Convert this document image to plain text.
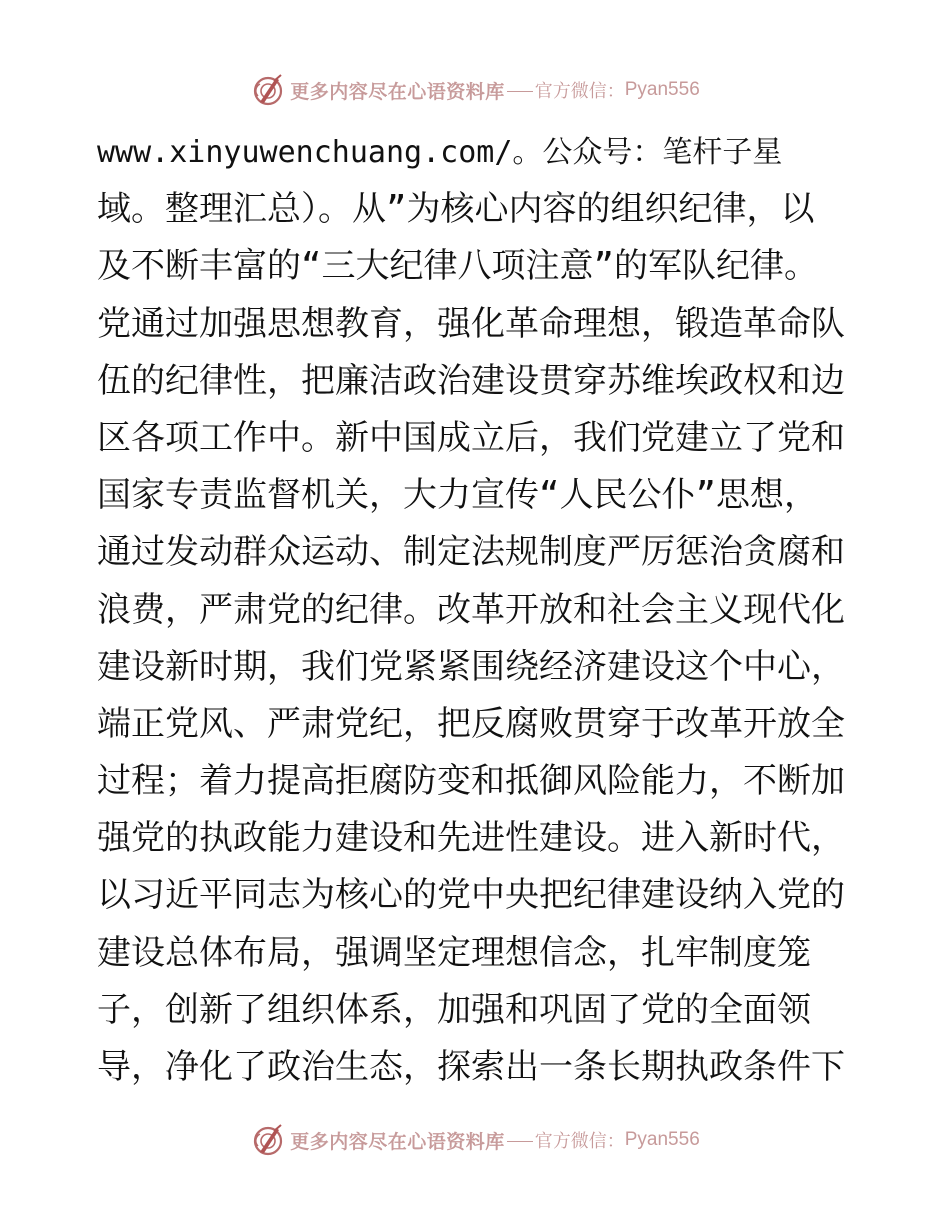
更多内容尽在心语资料库 官方微信： Pyan556
www.xinyuwenchuang.com/。公众号：笔杆子星
域。整理汇总）。从”为核心内容的组织纪律，以
及不断丰富的“三大纪律八项注意”的军队纪律。
党通过加强思想教育，强化革命理想，锻造革命队
伍的纪律性，把廉洁政治建设贯穿苏维埃政权和边
区各项工作中。新中国成立后，我们党建立了党和
国家专责监督机关，大力宣传“人民公仆”思想，
通过发动群众运动、制定法规制度严厉惩治贪腐和
浪费，严肃党的纪律。改革开放和社会主义现代化
建设新时期，我们党紧紧围绕经济建设这个中心，
端正党风、严肃党纪，把反腐败贯穿于改革开放全
过程；着力提高拒腐防变和抵御风险能力，不断加
强党的执政能力建设和先进性建设。进入新时代，
以习近平同志为核心的党中央把纪律建设纳入党的
建设总体布局，强调坚定理想信念，扎牢制度笼
子，创新了组织体系，加强和巩固了党的全面领
导，净化了政治生态，探索出一条长期执政条件下
更多内容尽在心语资料库 官方微信： Pyan556
